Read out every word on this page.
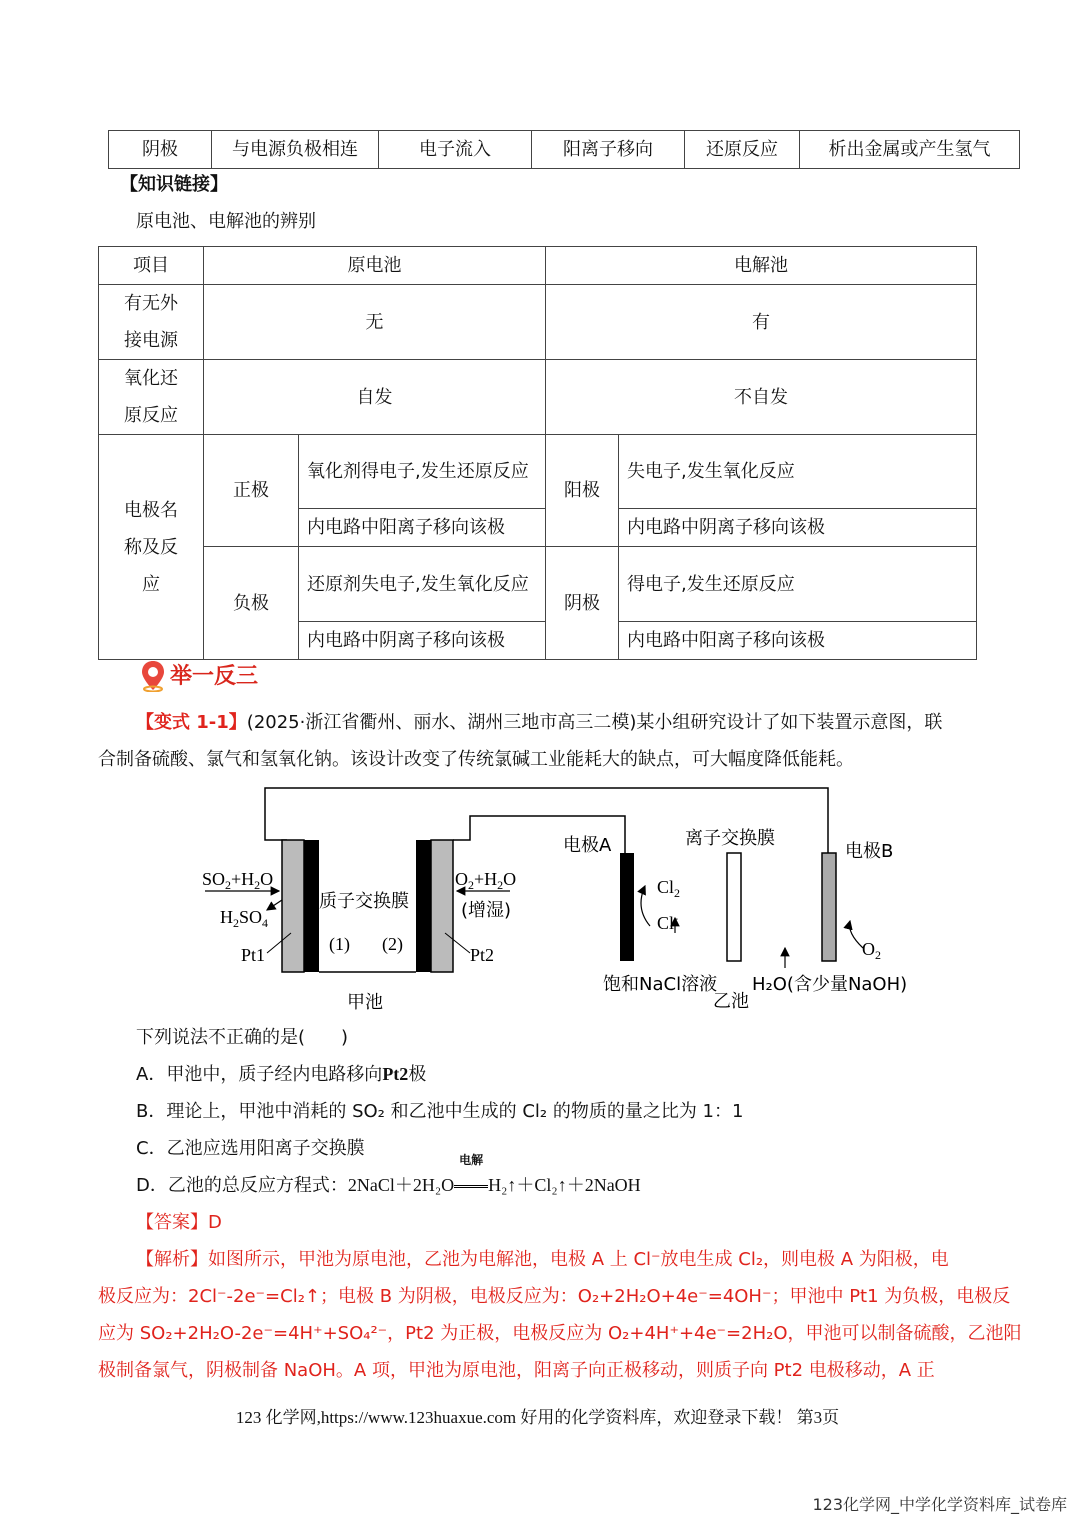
阴极	与电源负极相连	电子流入	阳离子移向	还原反应	析出金属或产生氢气
【知识链接】
原电池、电解池的辨别
项目	原电池		电解池	
有无外接电源	无		有	
氧化还原反应	自发		不自发	
电极名称及反应	正极	氧化剂得电子,发生还原反应	阳极	失电子,发生氧化反应
		内电路中阳离子移向该极		内电路中阴离子移向该极
	负极	还原剂失电子,发生氧化反应	阴极	得电子,发生还原反应
		内电路中阴离子移向该极		内电路中阳离子移向该极
举一反三
【变式 1-1】(2025·浙江省衢州、丽水、湖州三地市高三二模)某小组研究设计了如下装置示意图，联
合制备硫酸、氯气和氢氧化钠。该设计改变了传统氯碱工业能耗大的缺点，可大幅度降低能耗。
$SO_2+H_2O$
$H_2SO_4$
Pt1	Pt2
$O_2+H_2O$
(1) (2)
$Cl_2$
Cl-
$O_2$
质子交换膜	(增湿)
甲池
电极A	电极B
离子交换膜
饱和NaCl溶液
乙池
H₂O(含少量NaOH)
下列说法不正确的是(　　)
A．甲池中，质子经内电路移向Pt2极
B．理论上，甲池中消耗的 SO₂ 和乙池中生成的 Cl₂ 的物质的量之比为 1：1
C．乙池应选用阳离子交换膜
D．乙池的总反应方程式：2NaCl＋2H₂O
电解
H₂↑＋Cl₂↑＋2NaOH
【答案】D
【解析】如图所示，甲池为原电池，乙池为电解池，电极 A 上 Cl⁻放电生成 Cl₂，则电极 A 为阳极，电
极反应为：2Cl⁻-2e⁻=Cl₂↑；电极 B 为阴极，电极反应为：O₂+2H₂O+4e⁻=4OH⁻；甲池中 Pt1 为负极，电极反
应为 SO₂+2H₂O-2e⁻=4H⁺+SO₄²⁻，Pt2 为正极，电极反应为 O₂+4H⁺+4e⁻=2H₂O，甲池可以制备硫酸，乙池阳
极制备氯气，阴极制备 NaOH。A 项，甲池为原电池，阳离子向正极移动，则质子向 Pt2 电极移动，A 正
123 化学网,https://www.123huaxue.com 好用的化学资料库，欢迎登录下载！ 第3页
123化学网_中学化学资料库_试卷库
